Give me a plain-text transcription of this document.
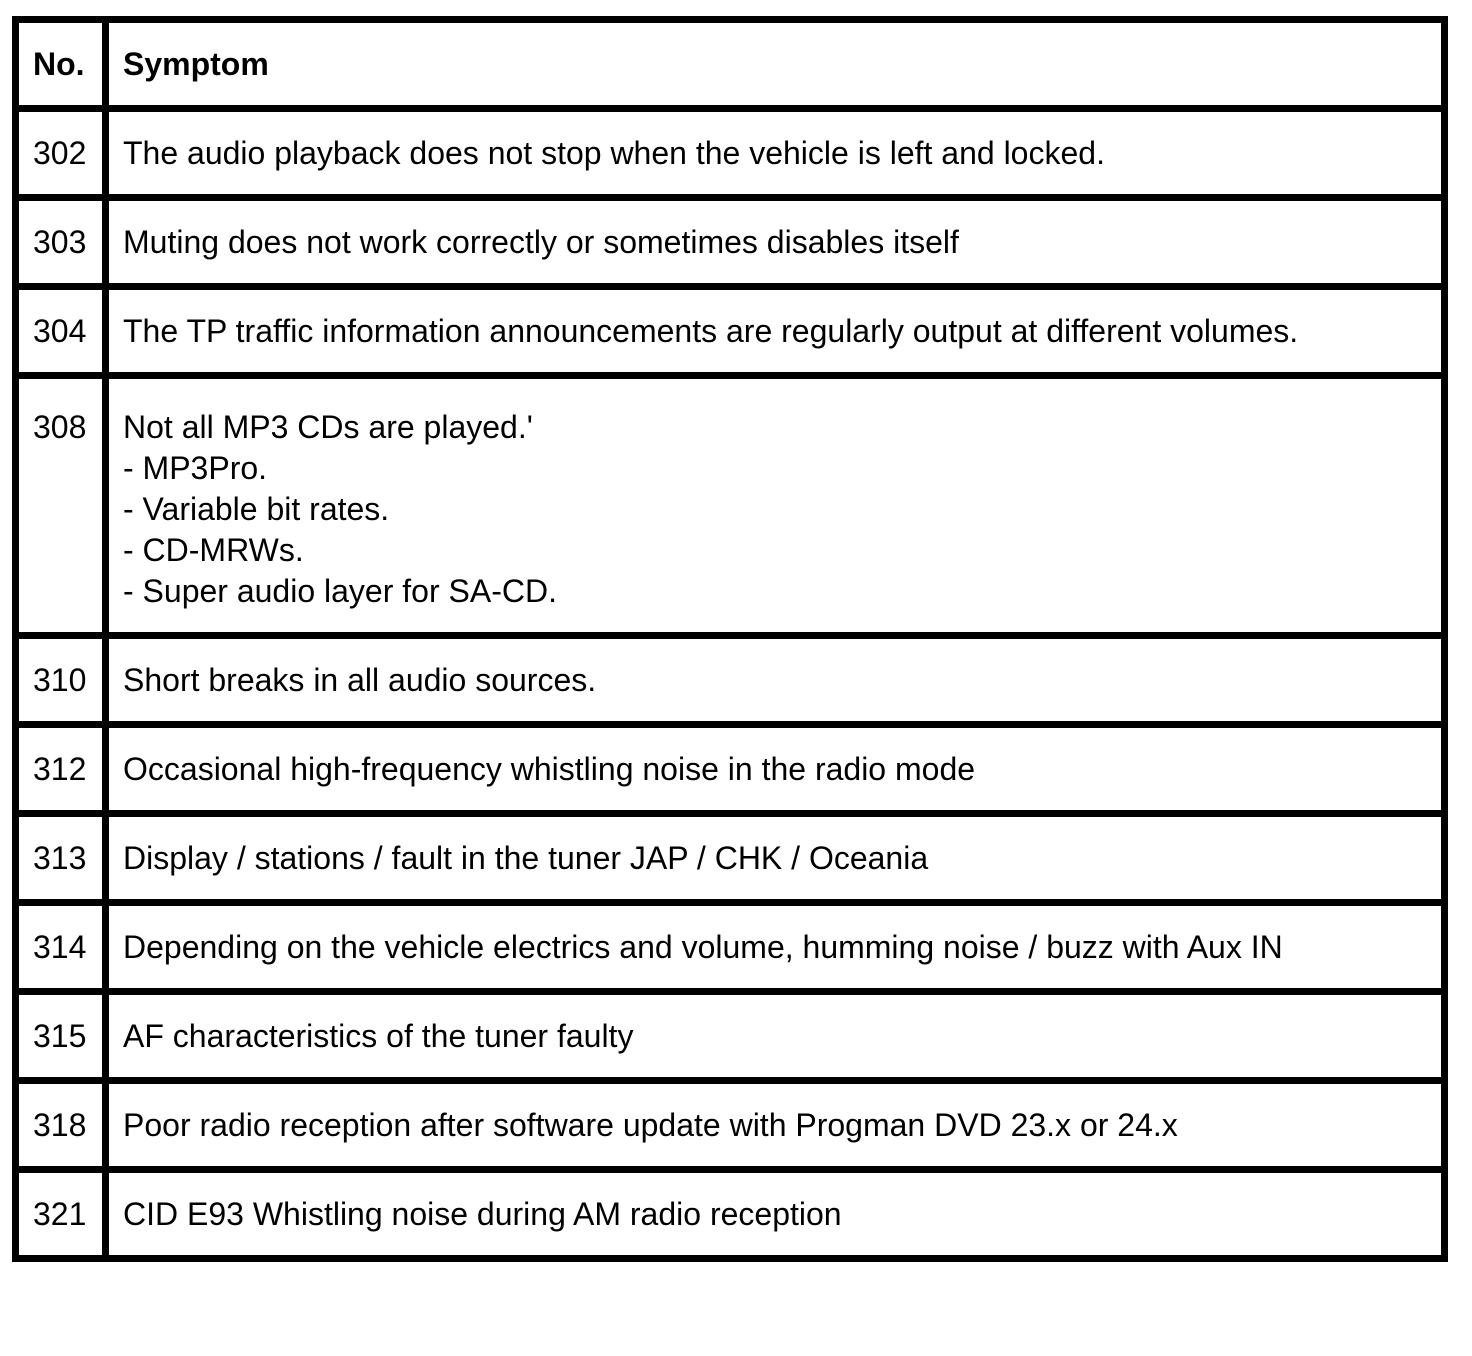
No.	Symptom
302	The audio playback does not stop when the vehicle is left and locked.
303	Muting does not work correctly or sometimes disables itself
304	The TP traffic information announcements are regularly output at different volumes.
308	Not all MP3 CDs are played.'
- MP3Pro.
- Variable bit rates.
- CD-MRWs.
- Super audio layer for SA-CD.

310	Short breaks in all audio sources.
312	Occasional high-frequency whistling noise in the radio mode
313	Display / stations / fault in the tuner JAP / CHK / Oceania
314	Depending on the vehicle electrics and volume, humming noise / buzz with Aux IN
315	AF characteristics of the tuner faulty
318	Poor radio reception after software update with Progman DVD 23.x or 24.x
321	CID E93 Whistling noise during AM radio reception
